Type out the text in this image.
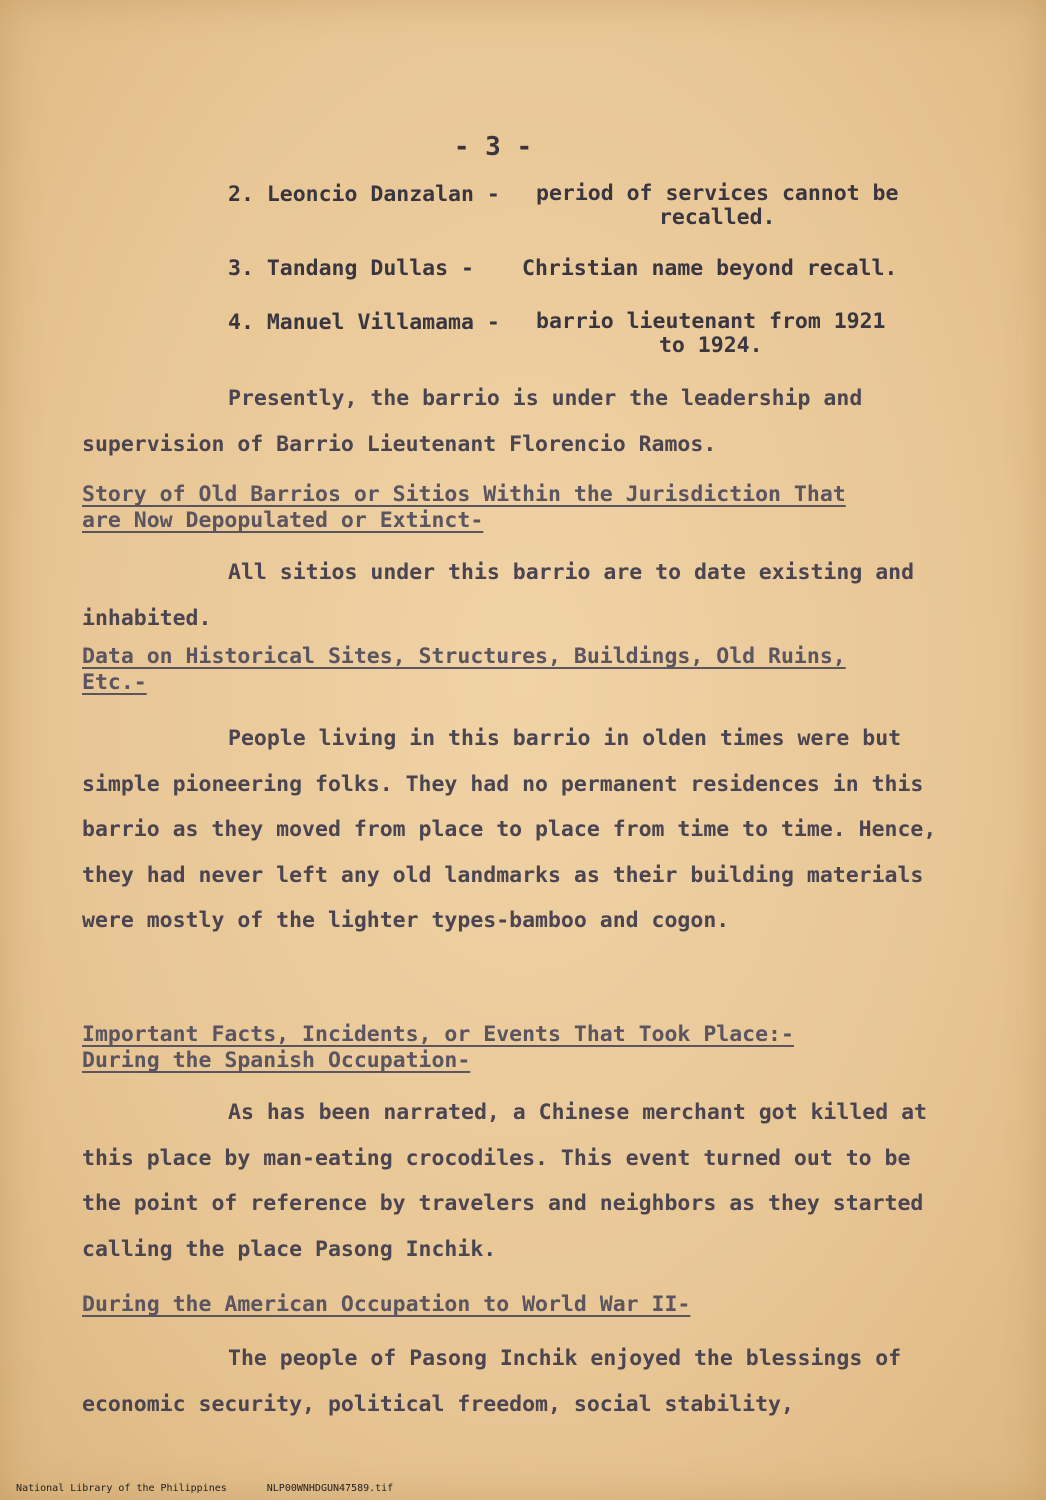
- 3 -
2. Leoncio Danzalan - period of services cannot be
recalled.
3. Tandang Dullas - Christian name beyond recall.
4. Manuel Villamama - barrio lieutenant from 1921
to 1924.
Presently, the barrio is under the leadership and supervision of Barrio Lieutenant Florencio Ramos.
Story of Old Barrios or Sitios Within the Jurisdiction That
are Now Depopulated or Extinct-
All sitios under this barrio are to date existing and inhabited.
Data on Historical Sites, Structures, Buildings, Old Ruins,
Etc.-
People living in this barrio in olden times were but simple pioneering folks. They had no permanent residences in this barrio as they moved from place to place from time to time. Hence, they had never left any old landmarks as their building materials were mostly of the lighter types-bamboo and cogon.
Important Facts, Incidents, or Events That Took Place:-
During the Spanish Occupation-
As has been narrated, a Chinese merchant got killed at this place by man-eating crocodiles. This event turned out to be the point of reference by travelers and neighbors as they started calling the place Pasong Inchik.
During the American Occupation to World War II-
The people of Pasong Inchik enjoyed the blessings of economic security, political freedom, social stability,

National Library of the Philippines	NLP00WNHDGUN47589.tif
